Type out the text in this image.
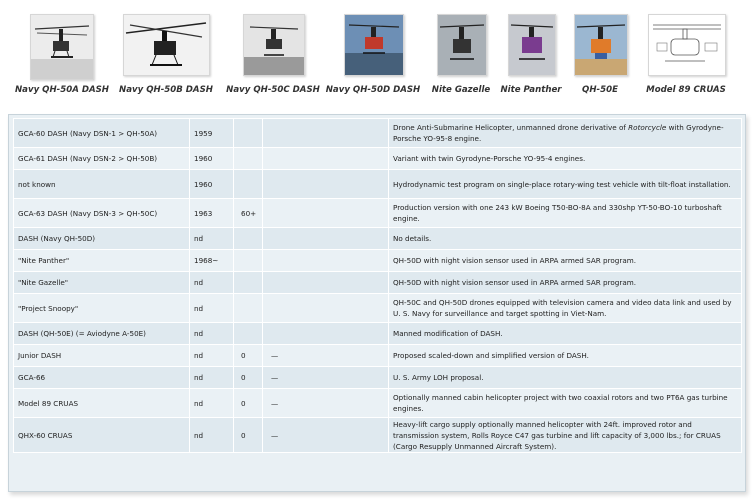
Navy QH-50A DASH Navy QH-50B DASH Navy QH-50C DASH Navy QH-50D DASH Nite Gazelle Nite Panther QH-50E	Model 89 CRUAS
GCA-60 DASH (Navy DSN-1 > QH-50A)	1959			Drone Anti-Submarine Helicopter, unmanned drone derivative of Rotorcycle with Gyrodyne-Porsche YO-95-8 engine.
GCA-61 DASH (Navy DSN-2 > QH-50B)	1960			Variant with twin Gyrodyne-Porsche YO-95-4 engines.
not known	1960			Hydrodynamic test program on single-place rotary-wing test vehicle with tilt-float installation.
GCA-63 DASH (Navy DSN-3 > QH-50C)	1963	60+		Production version with one 243 kW Boeing T50-BO-8A and 330shp YT-50-BO-10 turboshaft engine.
DASH (Navy QH-50D)	nd			No details.
"Nite Panther"	1968~			QH-50D with night vision sensor used in ARPA armed SAR program.
"Nite Gazelle"	nd			QH-50D with night vision sensor used in ARPA armed SAR program.
"Project Snoopy"	nd			QH-50C and QH-50D drones equipped with television camera and video data link and used by U. S. Navy for surveillance and target spotting in Viet-Nam.
DASH (QH-50E) (= Aviodyne A-50E)	nd			Manned modification of DASH.
Junior DASH	nd	0	—	Proposed scaled-down and simplified version of DASH.
GCA-66	nd	0	—	U. S. Army LOH proposal.
Model 89 CRUAS	nd	0	—	Optionally manned cabin helicopter project with two coaxial rotors and two PT6A gas turbine engines.
QHX-60 CRUAS	nd	0	—	Heavy-lift cargo supply optionally manned helicopter with 24ft. improved rotor and transmission system, Rolls Royce C47 gas turbine and lift capacity of 3,000 lbs.; for CRUAS (Cargo Resupply Unmanned Aircraft System).
